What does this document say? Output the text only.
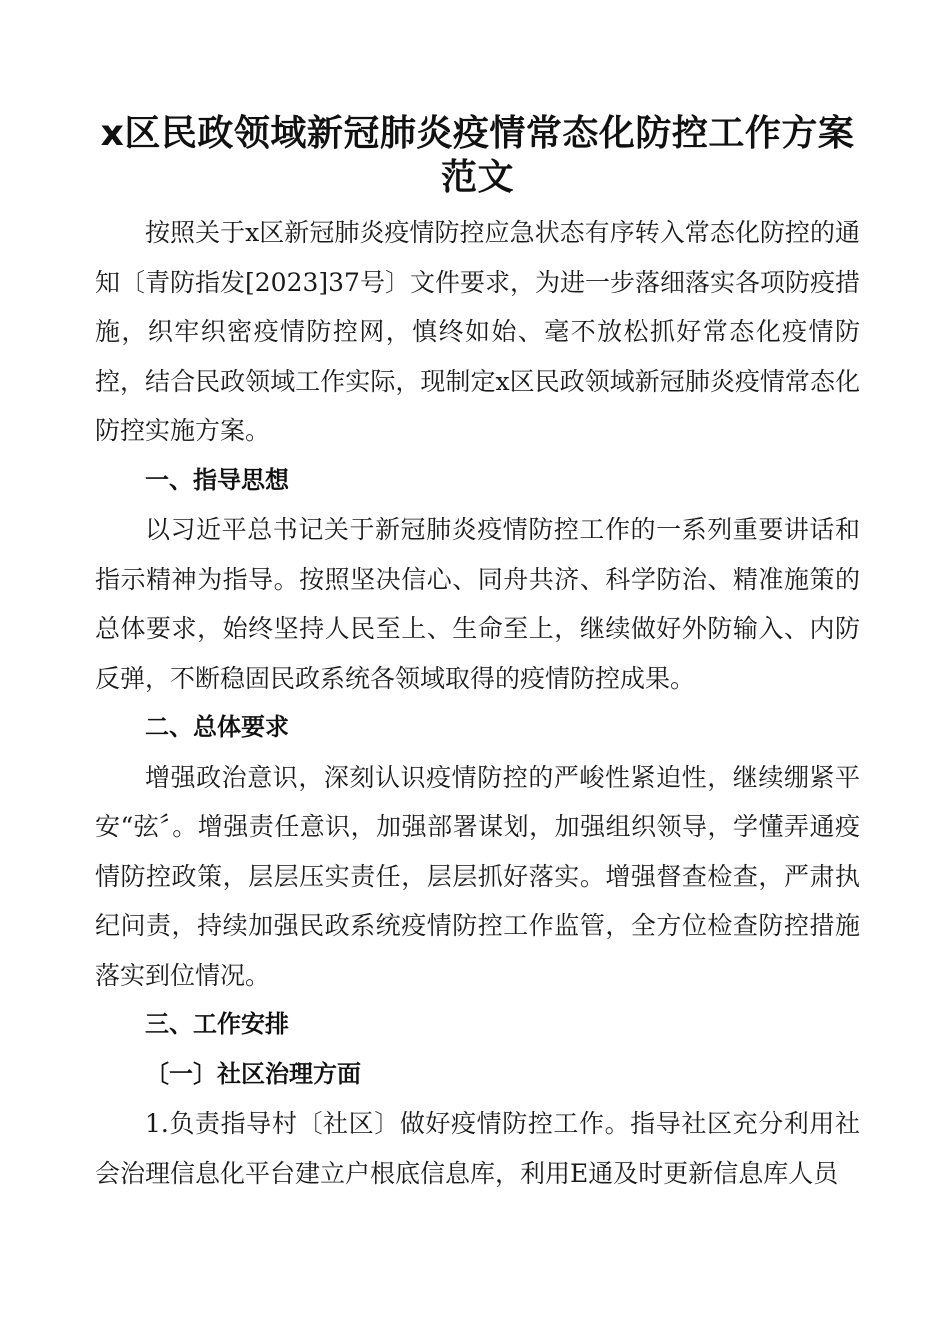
x区民政领域新冠肺炎疫情常态化防控工作方案范文

按照关于x区新冠肺炎疫情防控应急状态有序转入常态化防控的通知〔青防指发[2023]37号〕文件要求，为进一步落细落实各项防疫措施，织牢织密疫情防控网，慎终如始、毫不放松抓好常态化疫情防控，结合民政领域工作实际，现制定x区民政领域新冠肺炎疫情常态化防控实施方案。

一、指导思想

以习近平总书记关于新冠肺炎疫情防控工作的一系列重要讲话和指示精神为指导。按照坚决信心、同舟共济、科学防治、精准施策的总体要求，始终坚持人民至上、生命至上，继续做好外防输入、内防反弹，不断稳固民政系统各领域取得的疫情防控成果。

二、总体要求

增强政治意识，深刻认识疫情防控的严峻性紧迫性，继续绷紧平安“弦〞。增强责任意识，加强部署谋划，加强组织领导，学懂弄通疫情防控政策，层层压实责任，层层抓好落实。增强督查检查，严肃执纪问责，持续加强民政系统疫情防控工作监管，全方位检查防控措施落实到位情况。

三、工作安排

〔一〕社区治理方面

1.负责指导村〔社区〕做好疫情防控工作。指导社区充分利用社会治理信息化平台建立户根底信息库，利用E通及时更新信息库人员
